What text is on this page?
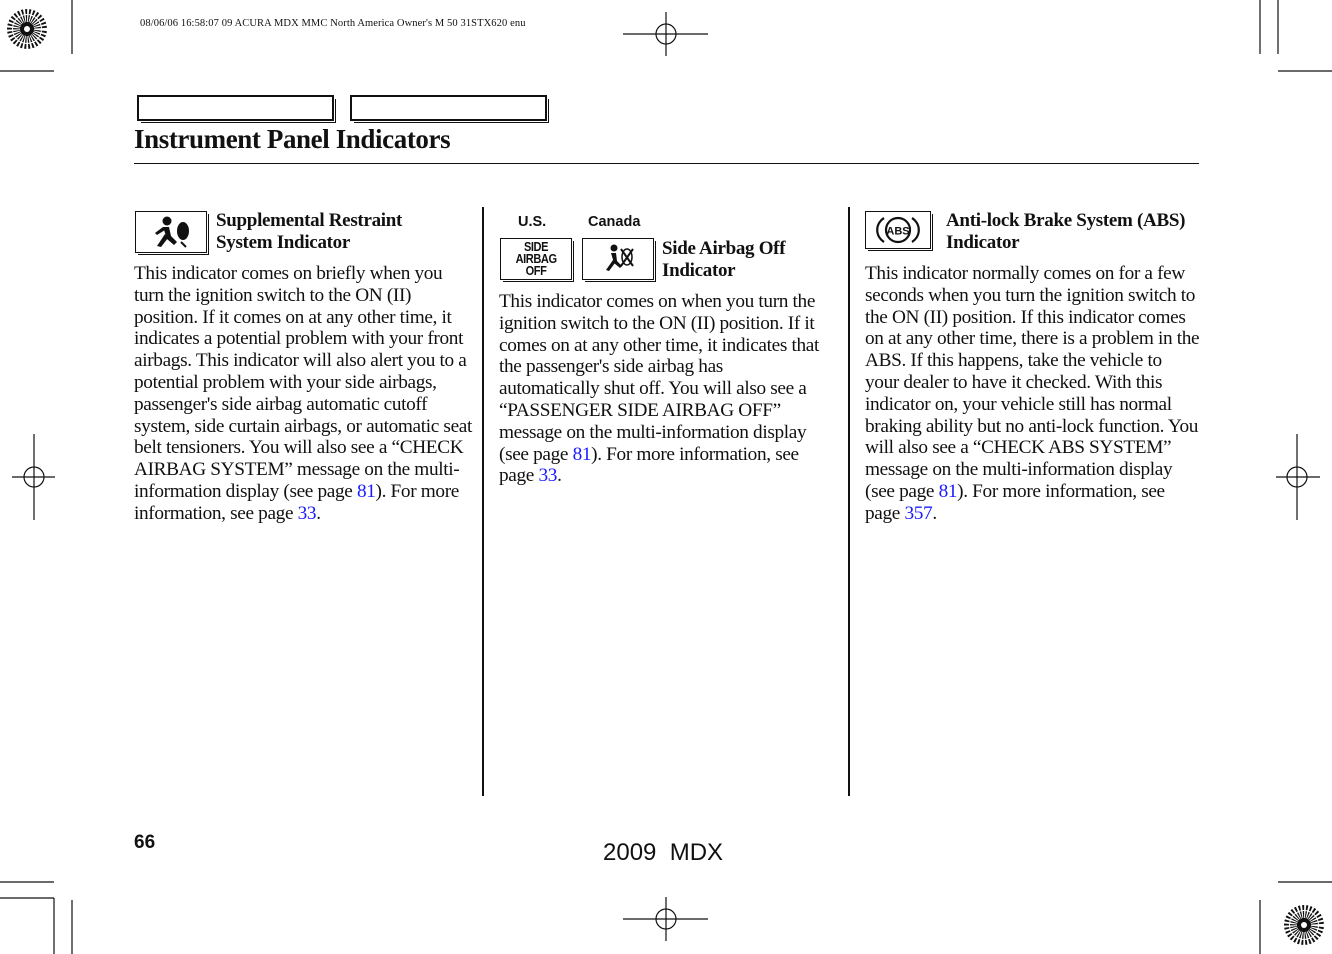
08/06/06 16:58:07 09 ACURA MDX MMC North America Owner's M 50 31STX620 enu
Instrument Panel Indicators
Supplemental Restraint System Indicator
This indicator comes on briefly when you turn the ignition switch to the ON (II) position. If it comes on at any other time, it indicates a potential problem with your front airbags. This indicator will also alert you to a potential problem with your side airbags, passenger's side airbag automatic cutoff system, side curtain airbags, or automatic seat belt tensioners. You will also see a “CHECK AIRBAG SYSTEM” message on the multi-information display (see page 81). For more information, see page 33.
U.S.	Canada
SIDE AIRBAG OFF
Side Airbag Off Indicator
This indicator comes on when you turn the ignition switch to the ON (II) position. If it comes on at any other time, it indicates that the passenger's side airbag has automatically shut off. You will also see a “PASSENGER SIDE AIRBAG OFF” message on the multi-information display (see page 81). For more information, see page 33.
ABS
Anti-lock Brake System (ABS) Indicator
This indicator normally comes on for a few seconds when you turn the ignition switch to the ON (II) position. If this indicator comes on at any other time, there is a problem in the ABS. If this happens, take the vehicle to your dealer to have it checked. With this indicator on, your vehicle still has normal braking ability but no anti-lock function. You will also see a “CHECK ABS SYSTEM” message on the multi-information display (see page 81). For more information, see page 357.
66	2009  MDX
